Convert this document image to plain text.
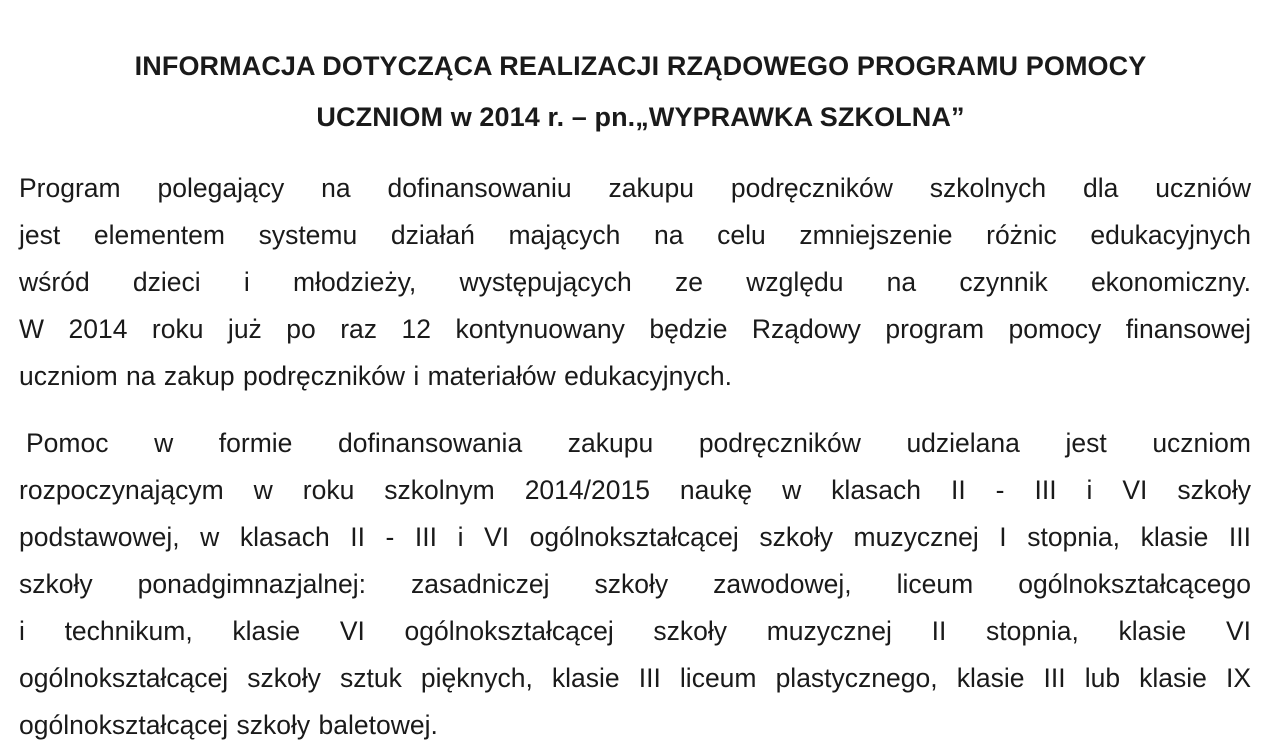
INFORMACJA DOTYCZĄCA REALIZACJI RZĄDOWEGO PROGRAMU POMOCY
UCZNIOM w 2014 r. – pn.„WYPRAWKA SZKOLNA”
Program polegający na dofinansowaniu zakupu podręczników szkolnych dla uczniów
jest elementem systemu działań mających na celu zmniejszenie różnic edukacyjnych
wśród dzieci i młodzieży, występujących ze względu na czynnik ekonomiczny.
W 2014 roku już po raz 12 kontynuowany będzie Rządowy program pomocy finansowej
uczniom na zakup podręczników i materiałów edukacyjnych.
Pomoc w formie dofinansowania zakupu podręczników udzielana jest uczniom
rozpoczynającym w roku szkolnym 2014/2015 naukę w klasach II - III i VI szkoły
podstawowej, w klasach II - III i VI ogólnokształcącej szkoły muzycznej I stopnia, klasie III
szkoły ponadgimnazjalnej: zasadniczej szkoły zawodowej, liceum ogólnokształcącego
i technikum, klasie VI ogólnokształcącej szkoły muzycznej II stopnia, klasie VI
ogólnokształcącej szkoły sztuk pięknych, klasie III liceum plastycznego, klasie III lub klasie IX
ogólnokształcącej szkoły baletowej.
